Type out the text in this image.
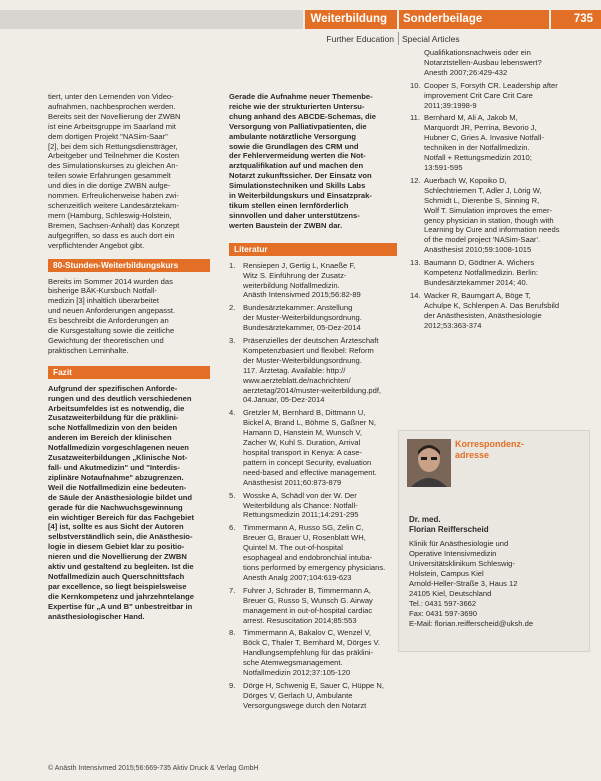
Weiterbildung	Sonderbeilage	735
Further Education Special Articles

tiert, unter den Lernenden von Video-
aufnahmen, nachbesprochen werden.
Bereits seit der Novellierung der ZWBN
ist eine Arbeitsgruppe im Saarland mit
dem dortigen Projekt "NASim-Saar"
[2], bei dem sich Rettungsdienstträger,
Arbeitgeber und Teilnehmer die Kosten
des Simulationskurses zu gleichen An-
teilen sowie Erfahrungen gesammelt
und dies in die dortige ZWBN aufge-
nommen. Erfreulicherweise haben zwi-
schenzeitlich weitere Landesärztekam-
mern (Hamburg, Schleswig-Holstein,
Bremen, Sachsen-Anhalt) das Konzept
aufgegriffen, so dass es auch dort ein
verpflichtender Angebot gibt.

80-Stunden-Weiterbildungskurs

Bereits im Sommer 2014 wurden das
bisherige BÄK-Kursbuch Notfall-
medizin [3] inhaltlich überarbeitet
und neuen Anforderungen angepasst.
Es beschreibt die Anforderungen an
die Kursgestaltung sowie die zeitliche
Gewichtung der theoretischen und
praktischen Lerninhalte.

Fazit

Aufgrund der spezifischen Anforde-
rungen und des deutlich verschiedenen
Arbeitsumfeldes ist es notwendig, die
Zusatzweiterbildung für die präklini-
sche Notfallmedizin von den beiden
anderen im Bereich der klinischen
Notfallmedizin vorgeschlagenen neuen
Zusatzweiterbildungen „Klinische Not-
fall- und Akutmedizin" und "Interdis-
ziplinäre Notaufnahme" abzugrenzen.
Weil die Notfallmedizin eine bedeuten-
de Säule der Anästhesiologie bildet und
gerade für die Nachwuchsgewinnung
ein wichtiger Bereich für das Fachgebiet
[4] ist, sollte es aus Sicht der Autoren
selbstverständlich sein, die Anästhesio-
logie in diesem Gebiet klar zu positio-
nieren und die Novellierung der ZWBN
aktiv und gestaltend zu begleiten. Ist die
Notfallmedizin auch Querschnittsfach
par excellence, so liegt beispielsweise
die Kernkompetenz und jahrzehntelange
Expertise für „A und B" unbestreitbar in
anästhesiologischer Hand.

Gerade die Aufnahme neuer Themenbe-
reiche wie der strukturierten Untersu-
chung anhand des ABCDE-Schemas, die
Versorgung von Palliativpatienten, die
ambulante notärztliche Versorgung
sowie die Grundlagen des CRM und
der Fehlervermeidung werten die Not-
arztqualifikation auf und machen den
Notarzt zukunftssicher. Der Einsatz von
Simulationstechniken und Skills Labs
in Weiterbildungskurs und Einsatzprak-
tikum stellen einen lernförderlich
sinnvollen und daher unterstützens-
werten Baustein der ZWBN dar.

Literatur
1. Rensiepen J, Gertig L, Knaeße F,
Witz S. Einführung der Zusatz-
weiterbildung Notfallmedizin.
Anästh Intensivmed 2015;56:82-89
2. Bundesärztekammer: Anstellung
der Muster-Weiterbildungsordnung.
Bundesärztekammer, 05-Dez-2014
3. Präsenzielles der deutschen Ärzteschaft
Kompetenzbasiert und flexibel: Reform
der Muster-Weiterbildungsordnung.
117. Ärztetag. Available: http://
www.aerzteblatt.de/nachrichten/
aerztetag/2014/muster-weiterbildung.pdf,
04.Januar, 05-Dez-2014
4. Gretzler M, Bernhard B, Dittmann U,
Bickel A, Brand L, Böhme S, Gaßner N,
Hamann D, Hanstein M, Wunsch V,
Zacher W, Kuhl S. Duration, Arrival
hospital transport in Kenya: A case-
pattern in concept Security, evaluation
need-based and effective management.
Anästhesist 2011;60:873-879
5. Wosske A, Schädl von der W. Der
Weiterbildung als Chance: Notfall-
Rettungsmedizin 2011;14:291-295
6. Timmermann A, Russo SG, Zelin C,
Breuer G, Brauer U, Rosenblatt WH,
Quintel M. The out-of-hospital
esophageal and endobronchial intuba-
tions performed by emergency physicians.
Anesth Analg 2007;104:619-623
7. Fuhrer J, Schrader B, Timmermann A,
Breuer G, Russo S, Wunsch G. Airway
management in out-of-hospital cardiac
arrest. Resuscitation 2014;85:553
8. Timmermann A, Bakalov C, Wenzel V,
Böck C, Thaler T, Bernhard M, Dörges V.
Handlungsempfehlung für das präklini-
sche Atemwegsmanagement.
Notfallmedizin 2012;37:105-120
9. Dörge H, Schwenig E, Sauer C, Hüppe N,
Dörges V, Gerlach U, Ambulante
Versorgungswege durch den Notarzt
Qualifikationsnachweis oder ein
Notarztstellen-Ausbau lebenswert?
Anesth 2007;26:429-432
10. Cooper S, Forsyth CR. Leadership after
improvement Crit Care Crit Care
2011;39:1998-9
11. Bernhard M, Ali A, Jakob M,
Marquordt JR, Perrina, Bevorio J,
Hubner C, Gries A. Invasive Notfall-
techniken in der Notfallmedizin.
Notfall + Rettungsmedizin 2010;
13:591-595
12. Auerbach W, Kopoiko D,
Schlechtriemen T, Adler J, Lörig W,
Schmidt L, Dierenbe S, Sinning R,
Wolf T. Simulation improves the emer-
gency physician in station, though with
Learning by Cure and information needs
of the model project 'NASim-Saar'.
Anästhesist 2010;59:1008-1015
13. Baumann D, Gödtner A. Wichers
Kompetenz Notfallmedizin. Berlin:
Bundesärztekammer 2014; 40.
14. Wacker R, Baumgart A, Böge T,
Achulpe K, Schlenpen A. Das Berufsbild
der Anästhesisten, Anästhesiologie
2012;53:363-374
Korrespondenz-adresse
Dr. med.
Florian Reifferscheid
Klinik für Anästhesiologie und
Operative Intensivmedizin
Universitätsklinikum Schleswig-
Holstein, Campus Kiel
Arnold-Heller-Straße 3, Haus 12
24105 Kiel, Deutschland
Tel.: 0431 597-3662
Fax: 0431 597-3690
E-Mail: florian.reifferscheid@uksh.de
© Anästh Intensivmed 2015;56:669-735 Aktiv Druck & Verlag GmbH
